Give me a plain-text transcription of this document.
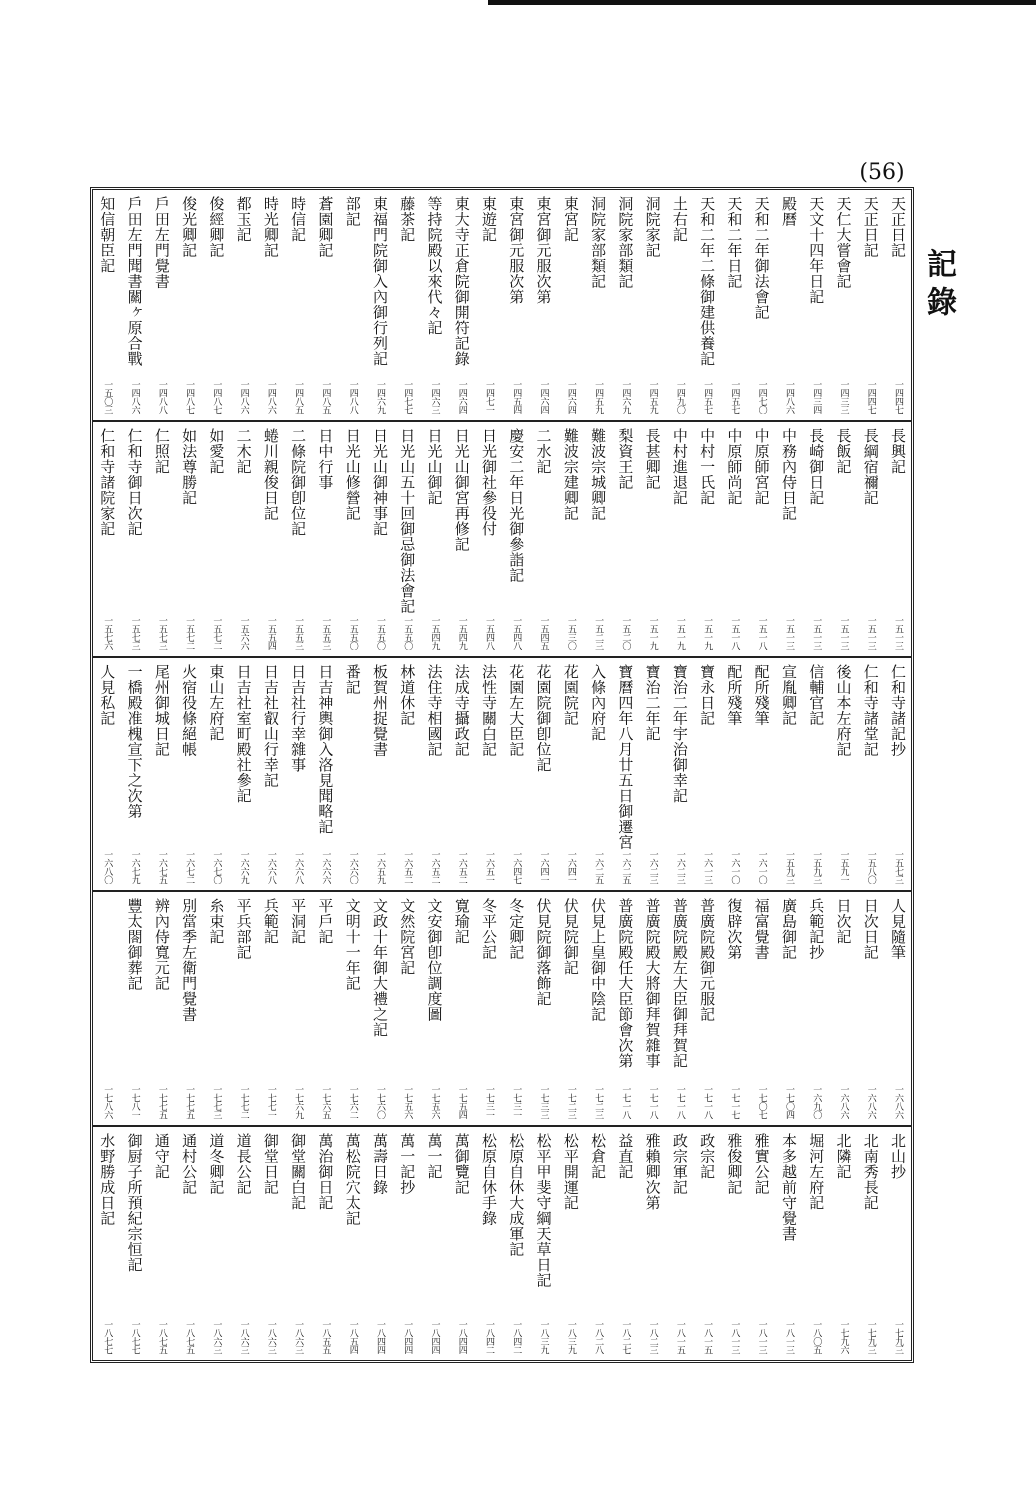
(56)
記錄
天正日記
一四四七
天正日記
一四四七
天仁大嘗會記
一四三三
天文十四年日記
一四三四
殿曆
一四八六
天和二年御法會記
一四七〇
天和二年日記
一四五七
天和二年二條御建供養記
一四五七
土右記
一四九〇
洞院家記
一四五九
洞院家部類記
一四六九
洞院家部類記
一四五九
東宮記
一四六四
東宮御元服次第
一四六四
東宮御元服次第
一四五四
東遊記
一四七一
東大寺正倉院御開符記錄
一四六四
等持院殿以來代々記
一四六三
藤茶記
一四七七
東福門院御入內御行列記
一四六九
部記
一四八八
蒼園卿記
一四八五
時信記
一四八五
時光卿記
一四八六
都玉記
一四八六
俊經卿記
一四八七
俊光卿記
一四八七
戶田左門覺書
一四八八
戶田左門聞書關ヶ原合戰
一四八六
知信朝臣記
一五〇三
長興記
一五一三
長綱宿禰記
一五一三
長飯記
一五一三
長崎御日記
一五一三
中務內侍日記
一五一三
中原師宮記
一五一八
中原師尚記
一五一八
中村一氏記
一五一九
中村進退記
一五一九
長甚卿記
一五一九
梨資王記
一五二〇
難波宗城卿記
一五二三
難波宗建卿記
一五三〇
二水記
一五四五
慶安二年日光御參詣記
一五四八
日光御社參役付
一五四八
日光山御宮再修記
一五四九
日光山御記
一五四九
日光山五十回御忌御法會記
一五五〇
日光山御神事記
一五五〇
日光山修營記
一五五〇
日中行事
一五五三
二條院御卽位記
一五五三
蜷川親俊日記
一五五四
二木記
一五六六
如愛記
一五七二
如法尊勝記
一五七二
仁照記
一五七三
仁和寺御日次記
一五七三
仁和寺諸院家記
一五七六
仁和寺諸記抄
一五七三
仁和寺諸堂記
一五八〇
後山本左府記
一五九一
信輔官記
一五九三
宣胤卿記
一五九三
配所殘筆
一六一〇
配所殘筆
一六一〇
寶永日記
一六一三
寶治二年宇治御幸記
一六二三
寶治二年記
一六二三
寶曆四年八月廿五日御遷宮
一六二五
入條內府記
一六二五
花園院記
一六四一
花園院御卽位記
一六四一
花園左大臣記
一六四七
法性寺關白記
一六五一
法成寺攝政記
一六五二
法住寺相國記
一六五二
林道休記
一六五二
板賀州捉覺書
一六五九
番記
一六六〇
日吉神輿御入洛見聞略記
一六六六
日吉社行幸雜事
一六六八
日吉社叡山行幸記
一六六八
日吉社室町殿社參記
一六六九
東山左府記
一六七〇
火宿役條絕帳
一六七二
尾州御城日記
一六七五
一橋殿准槐宣下之次第
一六七九
人見私記
一六八〇
人見隨筆
一六八六
日次日記
一六八六
日次記
一六八六
兵範記抄
一六九〇
廣島御記
一七〇四
福富覺書
一七〇七
復辟次第
一七一七
普廣院殿御元服記
一七一八
普廣院殿左大臣御拜賀記
一七一八
普廣院殿大將御拜賀雜事
一七一八
普廣院殿任大臣節會次第
一七一八
伏見上皇御中陰記
一七二三
伏見院御記
一七二三
伏見院御落飾記
一七三三
冬定卿記
一七三一
冬平公記
一七三一
寛瑜記
一七五四
文安御卽位調度圖
一七五六
文然院宮記
一七五六
文政十年御大禮之記
一七六〇
文明十一年記
一七六二
平戶記
一七六五
平洞記
一七六九
兵範記
一七七一
平兵部記
一七七二
糸束記
一七七三
別當季左衛門覺書
一七七五
辨內侍寬元記
一七七五
豐太閤御葬記
一七八一
一七八六
北山抄
一七九三
北南秀長記
一七九三
北隣記
一七九六
堀河左府記
一八〇五
本多越前守覺書
一八一三
雅實公記
一八一三
雅俊卿記
一八一三
政宗記
一八一五
政宗軍記
一八一五
雅賴卿次第
一八二三
益直記
一八二七
松倉記
一八二八
松平開運記
一八三九
松平甲斐守綱天草日記
一八三九
松原自休大成軍記
一八四二
松原自休手錄
一八四二
萬御覽記
一八四四
萬一記
一八四四
萬一記抄
一八四四
萬壽日錄
一八四四
萬松院穴太記
一八五四
萬治御日記
一八五五
御堂關白記
一八六三
御堂日記
一八六三
道長公記
一八六三
道冬卿記
一八六三
通村公記
一八七五
通守記
一八七五
御厨子所預紀宗恒記
一八七七
水野勝成日記
一八七七
